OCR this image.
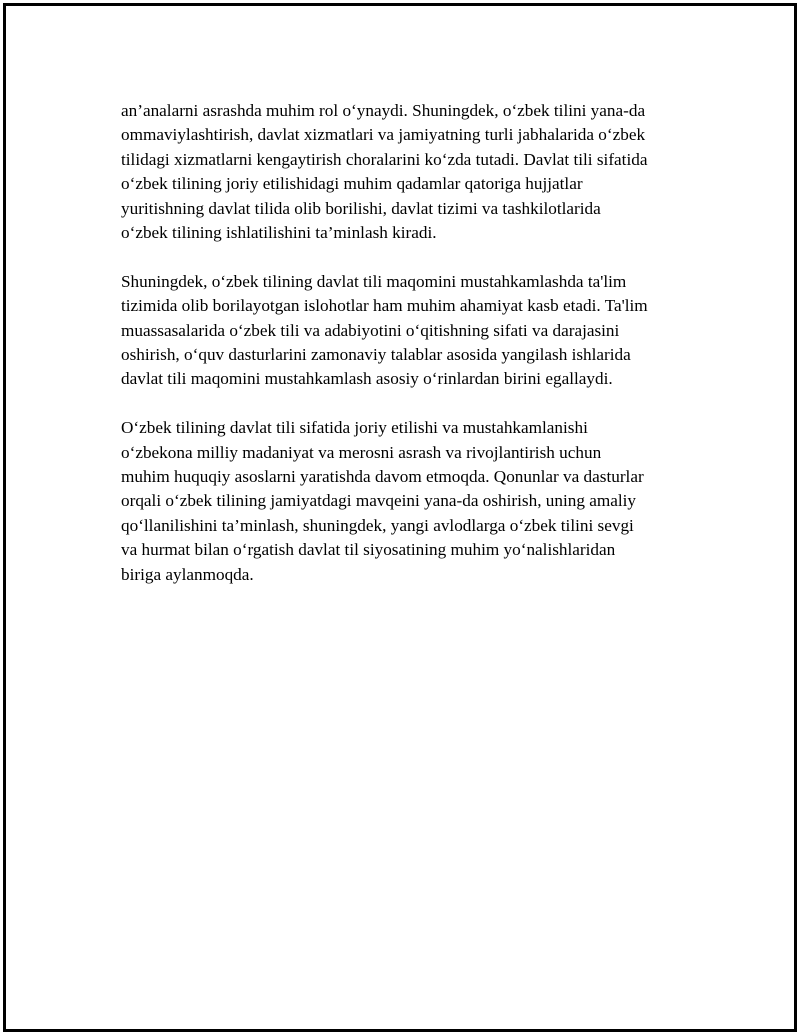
an’analarni asrashda muhim rol o‘ynaydi. Shuningdek, o‘zbek tilini yana-da
ommaviylashtirish, davlat xizmatlari va jamiyatning turli jabhalarida o‘zbek
tilidagi xizmatlarni kengaytirish choralarini ko‘zda tutadi. Davlat tili sifatida
o‘zbek tilining joriy etilishidagi muhim qadamlar qatoriga hujjatlar
yuritishning davlat tilida olib borilishi, davlat tizimi va tashkilotlarida
o‘zbek tilining ishlatilishini ta’minlash kiradi.

Shuningdek, o‘zbek tilining davlat tili maqomini mustahkamlashda ta'lim
tizimida olib borilayotgan islohotlar ham muhim ahamiyat kasb etadi. Ta'lim
muassasalarida o‘zbek tili va adabiyotini o‘qitishning sifati va darajasini
oshirish, o‘quv dasturlarini zamonaviy talablar asosida yangilash ishlarida
davlat tili maqomini mustahkamlash asosiy o‘rinlardan birini egallaydi.

O‘zbek tilining davlat tili sifatida joriy etilishi va mustahkamlanishi
o‘zbekona milliy madaniyat va merosni asrash va rivojlantirish uchun
muhim huquqiy asoslarni yaratishda davom etmoqda. Qonunlar va dasturlar
orqali o‘zbek tilining jamiyatdagi mavqeini yana-da oshirish, uning amaliy
qo‘llanilishini ta’minlash, shuningdek, yangi avlodlarga o‘zbek tilini sevgi
va hurmat bilan o‘rgatish davlat til siyosatining muhim yo‘nalishlaridan
biriga aylanmoqda.
